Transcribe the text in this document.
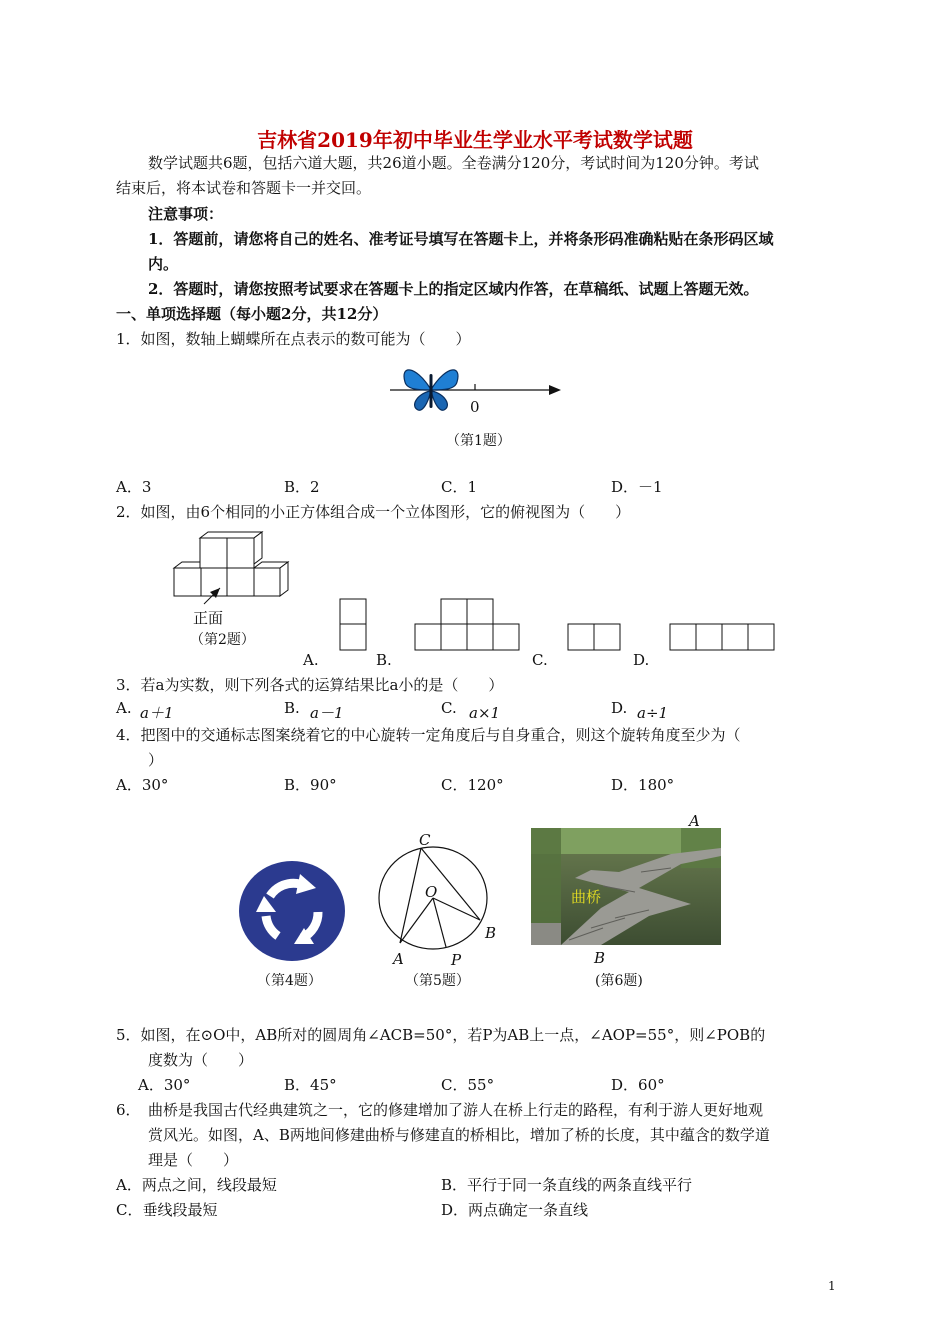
吉林省2019年初中毕业生学业水平考试数学试题
数学试题共6题，包括六道大题，共26道小题。全卷满分120分，考试时间为120分钟。考试
结束后，将本试卷和答题卡一并交回。
注意事项：
1．答题前，请您将自己的姓名、准考证号填写在答题卡上，并将条形码准确粘贴在条形码区域
内。
2．答题时，请您按照考试要求在答题卡上的指定区域内作答，在草稿纸、试题上答题无效。
一、单项选择题（每小题2分，共12分）
1．如图，数轴上蝴蝶所在点表示的数可能为（　　）
0
（第1题）
A．3	B．2	C．1	D．－1
2．如图，由6个相同的小正方体组合成一个立体图形，它的俯视图为（　　）
正面
（第2题）
A.	B.	C.	D.
3．若a为实数，则下列各式的运算结果比a小的是（　　）
A. a＋1	B. a－1	C. a×1	D. a÷1
4．把图中的交通标志图案绕着它的中心旋转一定角度后与自身重合，则这个旋转角度至少为（
）
A．30°	B．90°	C．120°	D．180°
（第4题）
C
O
B
A	P
（第5题）
A
曲桥
B
(第6题)
5．如图，在⊙O中，AB所对的圆周角∠ACB=50°，若P为AB上一点，∠AOP=55°，则∠POB的
度数为（　　）
A．30°	B．45°	C．55°	D．60°
6．　曲桥是我国古代经典建筑之一，它的修建增加了游人在桥上行走的路程，有利于游人更好地观
赏风光。如图，A、B两地间修建曲桥与修建直的桥相比，增加了桥的长度，其中蕴含的数学道
理是（　　）
A．两点之间，线段最短	B．平行于同一条直线的两条直线平行
C．垂线段最短	D．两点确定一条直线
1
